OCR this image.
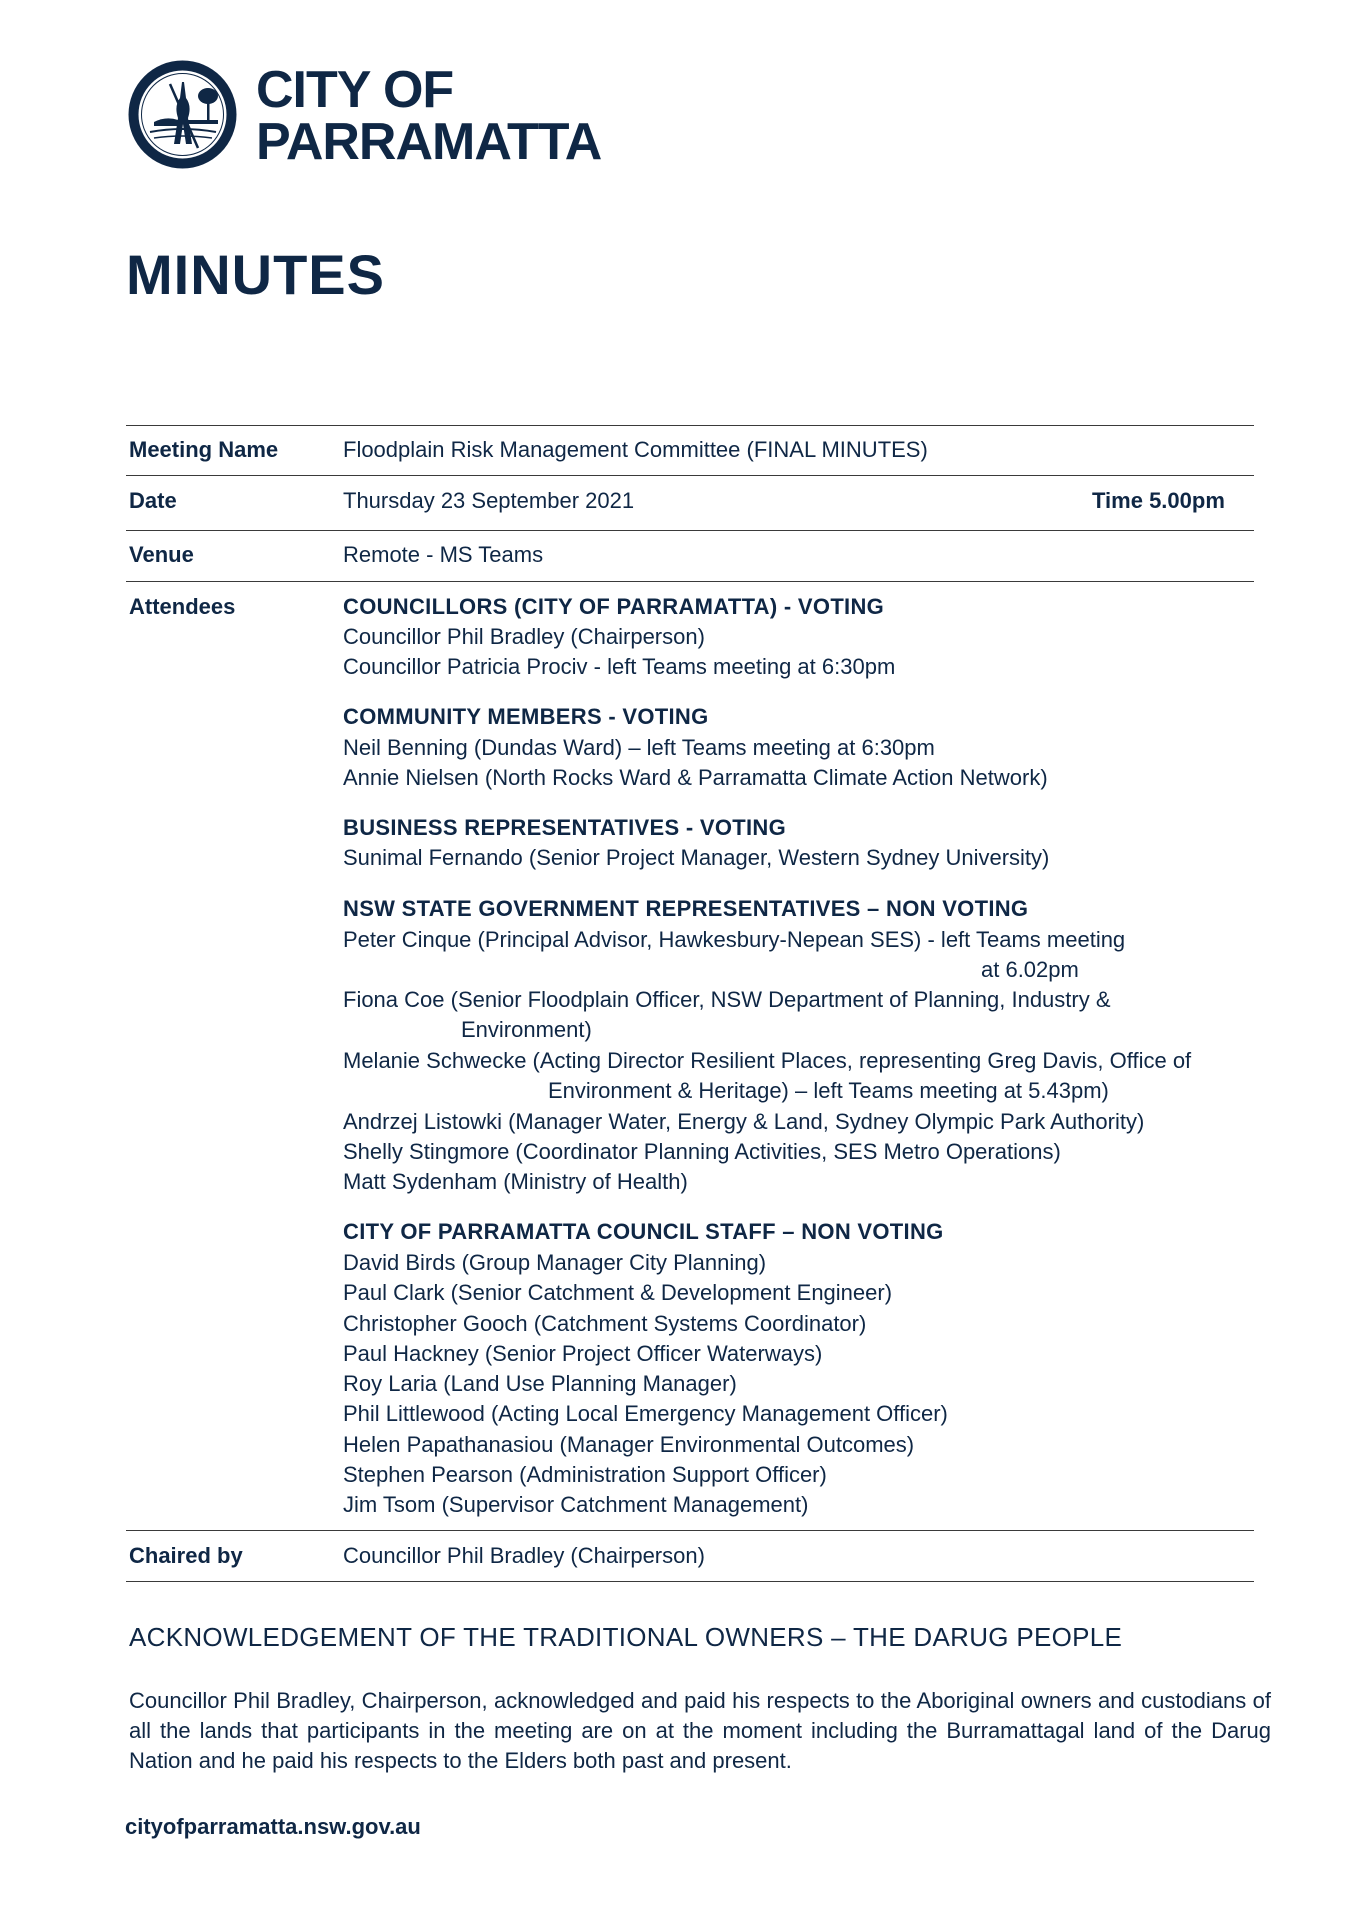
CITY OF
PARRAMATTA
MINUTES
Meeting Name	Floodplain Risk Management Committee (FINAL MINUTES)
Date	Thursday 23 September 2021	Time 5.00pm
Venue	Remote - MS Teams
Attendees	COUNCILLORS (CITY OF PARRAMATTA) - VOTING
Councillor Phil Bradley (Chairperson)
Councillor Patricia Prociv - left Teams meeting at 6:30pm
COMMUNITY MEMBERS - VOTING
Neil Benning (Dundas Ward) – left Teams meeting at 6:30pm
Annie Nielsen (North Rocks Ward & Parramatta Climate Action Network)
BUSINESS REPRESENTATIVES - VOTING
Sunimal Fernando (Senior Project Manager, Western Sydney University)
NSW STATE GOVERNMENT REPRESENTATIVES – NON VOTING
Peter Cinque (Principal Advisor, Hawkesbury-Nepean SES) - left Teams meeting
at 6.02pm
Fiona Coe (Senior Floodplain Officer, NSW Department of Planning, Industry &
Environment)
Melanie Schwecke (Acting Director Resilient Places, representing Greg Davis, Office of
Environment & Heritage) – left Teams meeting at 5.43pm)
Andrzej Listowki (Manager Water, Energy & Land, Sydney Olympic Park Authority)
Shelly Stingmore (Coordinator Planning Activities, SES Metro Operations)
Matt Sydenham (Ministry of Health)
CITY OF PARRAMATTA COUNCIL STAFF – NON VOTING
David Birds (Group Manager City Planning)
Paul Clark (Senior Catchment & Development Engineer)
Christopher Gooch (Catchment Systems Coordinator)
Paul Hackney (Senior Project Officer Waterways)
Roy Laria (Land Use Planning Manager)
Phil Littlewood (Acting Local Emergency Management Officer)
Helen Papathanasiou (Manager Environmental Outcomes)
Stephen Pearson (Administration Support Officer)
Jim Tsom (Supervisor Catchment Management)
Chaired by	Councillor Phil Bradley (Chairperson)
ACKNOWLEDGEMENT OF THE TRADITIONAL OWNERS – THE DARUG PEOPLE
Councillor Phil Bradley, Chairperson, acknowledged and paid his respects to the Aboriginal owners and custodians of all the lands that participants in the meeting are on at the moment including the Burramattagal land of the Darug Nation and he paid his respects to the Elders both past and present.
cityofparramatta.nsw.gov.au
